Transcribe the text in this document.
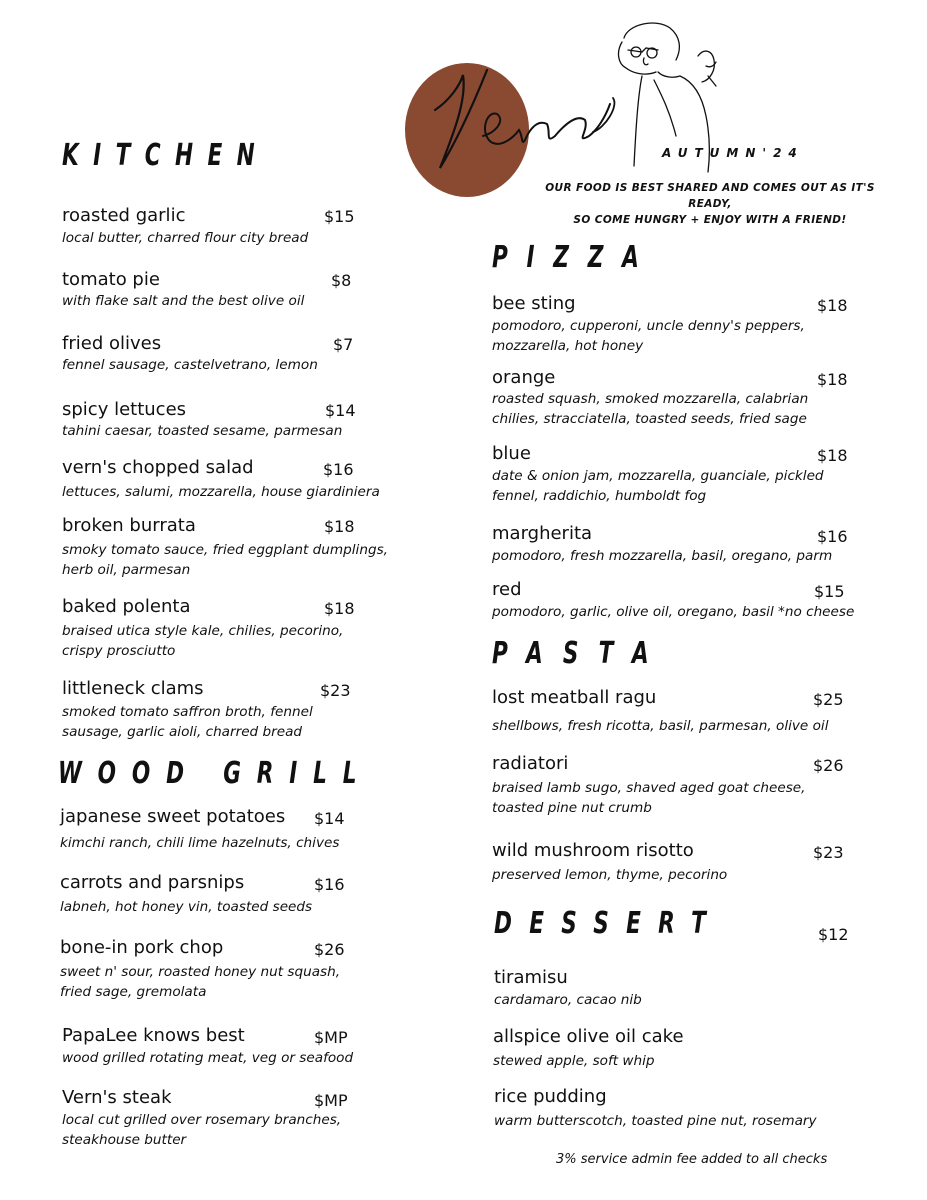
Vern's
AUTUMN'24
OUR FOOD IS BEST SHARED AND COMES OUT AS IT'S READY,
SO COME HUNGRY + ENJOY WITH A FRIEND!
KITCHEN
roasted garlic	$15
local butter, charred flour city bread
tomato pie	$8
with flake salt and the best olive oil
fried olives	$7
fennel sausage, castelvetrano, lemon
spicy lettuces	$14
tahini caesar, toasted sesame, parmesan
vern's chopped salad	$16
lettuces, salumi, mozzarella, house giardiniera
broken burrata	$18
smoky tomato sauce, fried eggplant dumplings,
herb oil, parmesan
baked polenta	$18
braised utica style kale, chilies, pecorino,
crispy prosciutto
littleneck clams	$23
smoked tomato saffron broth, fennel
sausage, garlic aioli, charred bread
WOOD GRILL
japanese sweet potatoes $14
kimchi ranch, chili lime hazelnuts, chives
carrots and parsnips	$16
labneh, hot honey vin, toasted seeds
bone-in pork chop	$26
sweet n' sour, roasted honey nut squash,
fried sage, gremolata
PapaLee knows best	$MP
wood grilled rotating meat, veg or seafood
Vern's steak	$MP
local cut grilled over rosemary branches,
steakhouse butter
PIZZA
bee sting	$18
pomodoro, cupperoni, uncle denny's peppers,
mozzarella, hot honey
orange	$18
roasted squash, smoked mozzarella, calabrian
chilies, stracciatella, toasted seeds, fried sage
blue	$18
date & onion jam, mozzarella, guanciale, pickled
fennel, raddichio, humboldt fog
margherita	$16
pomodoro, fresh mozzarella, basil, oregano, parm
red	$15
pomodoro, garlic, olive oil, oregano, basil *no cheese
PASTA
lost meatball ragu	$25
shellbows, fresh ricotta, basil, parmesan, olive oil
radiatori	$26
braised lamb sugo, shaved aged goat cheese,
toasted pine nut crumb
wild mushroom risotto	$23
preserved lemon, thyme, pecorino
DESSERT	$12
tiramisu
cardamaro, cacao nib
allspice olive oil cake
stewed apple, soft whip
rice pudding
warm butterscotch, toasted pine nut, rosemary
3% service admin fee added to all checks
